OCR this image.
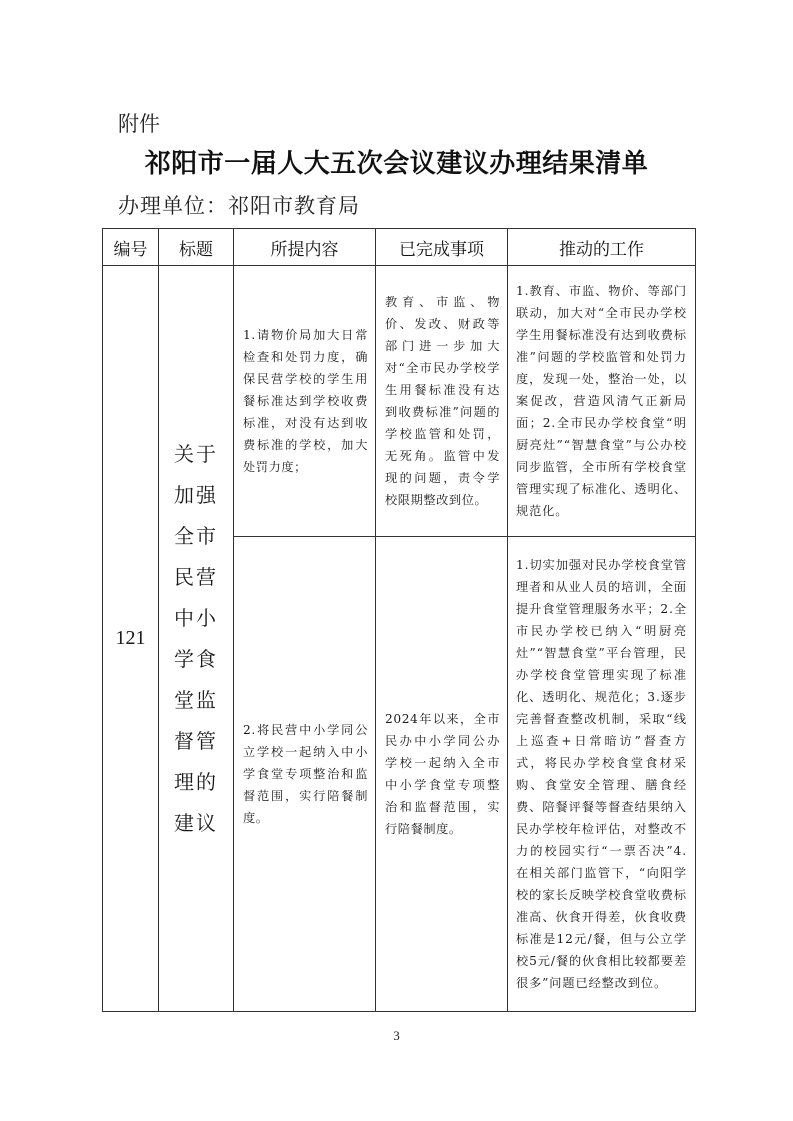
附件
祁阳市一届人大五次会议建议办理结果清单
办理单位：祁阳市教育局
编号	标题	所提内容	已完成事项	推动的工作
121	关于加强全市民营中小学食堂监督管理的建议	1.请物价局加大日常检查和处罚力度，确保民营学校的学生用餐标准达到学校收费标准，对没有达到收费标准的学校，加大处罚力度；	教育、市监、物价、发改、财政等部门进一步加大对“全市民办学校学生用餐标准没有达到收费标准”问题的学校监管和处罚，无死角。监管中发现的问题，责令学校限期整改到位。	1.教育、市监、物价、等部门联动，加大对“全市民办学校学生用餐标准没有达到收费标准”问题的学校监管和处罚力度，发现一处，整治一处，以案促改，营造风清气正新局面；2.全市民办学校食堂“明厨亮灶”“智慧食堂”与公办校同步监管，全市所有学校食堂管理实现了标准化、透明化、规范化。

		2.将民营中小学同公立学校一起纳入中小学食堂专项整治和监督范围，实行陪餐制度。	2024年以来，全市民办中小学同公办学校一起纳入全市中小学食堂专项整治和监督范围，实行陪餐制度。	1.切实加强对民办学校食堂管理者和从业人员的培训，全面提升食堂管理服务水平；2.全市民办学校已纳入“明厨亮灶”“智慧食堂”平台管理，民办学校食堂管理实现了标准化、透明化、规范化；3.逐步完善督查整改机制，采取“线上巡查+日常暗访”督查方式，将民办学校食堂食材采购、食堂安全管理、膳食经费、陪餐评餐等督查结果纳入民办学校年检评估，对整改不力的校园实行“一票否决”4.在相关部门监管下，“向阳学校的家长反映学校食堂收费标准高、伙食开得差，伙食收费标准是12元/餐，但与公立学校5元/餐的伙食相比较都要差很多”问题已经整改到位。
3
